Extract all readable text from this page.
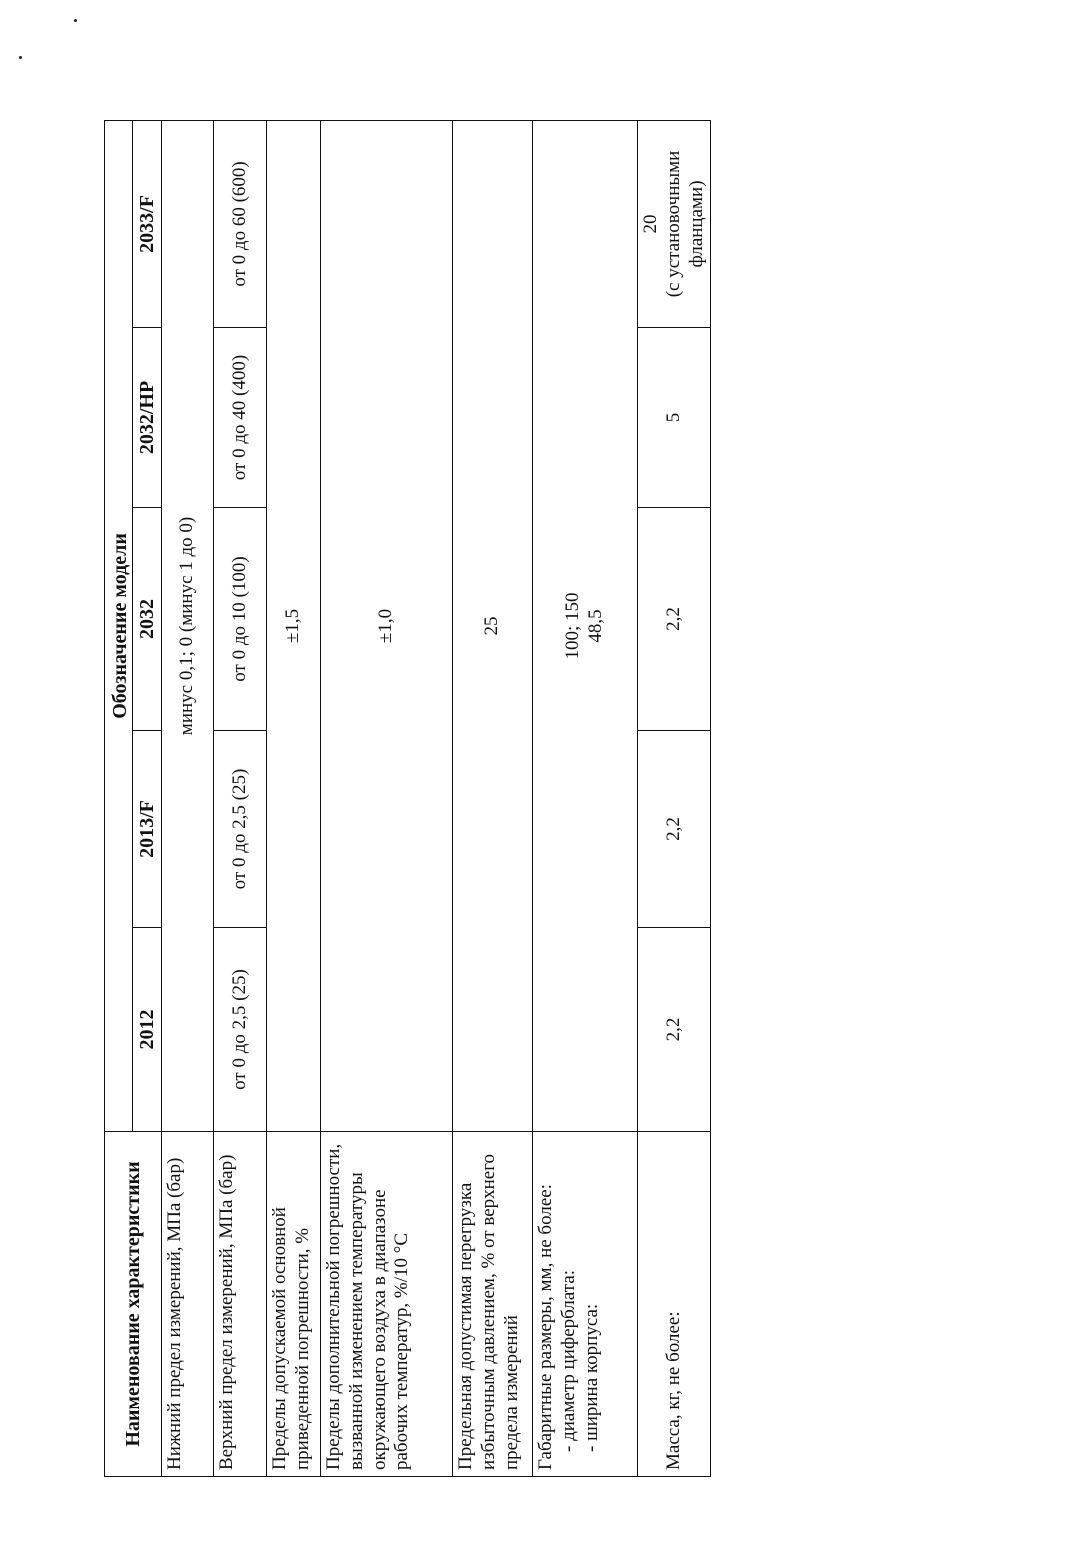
Наименование характеристики	Обозначение модели				
	2012	2013/F	2032	2032/HP	2033/F
Нижний предел измерений, МПа (бар)	минус 0,1; 0 (минус 1 до 0)				
Верхний предел измерений, МПа (бар)	от 0 до 2,5 (25)	от 0 до 2,5 (25)	от 0 до 10 (100)	от 0 до 40 (400)	от 0 до 60 (600)
Пределы допускаемой основной приведенной погрешности, %	±1,5				
Пределы дополнительной погрешности, вызванной изменением температуры окружающего воздуха в диапазоне рабочих температур, %/10 °С	±1,0				
Предельная допустимая перегрузка избыточным давлением, % от верхнего предела измерений	25				

Габаритные размеры, мм, не более: - диаметр циферблата: - ширина корпуса:	100; 150 48,5				

Масса, кг, не более:	2,2	2,2	2,2	5	20 (с установочными фланцами)
